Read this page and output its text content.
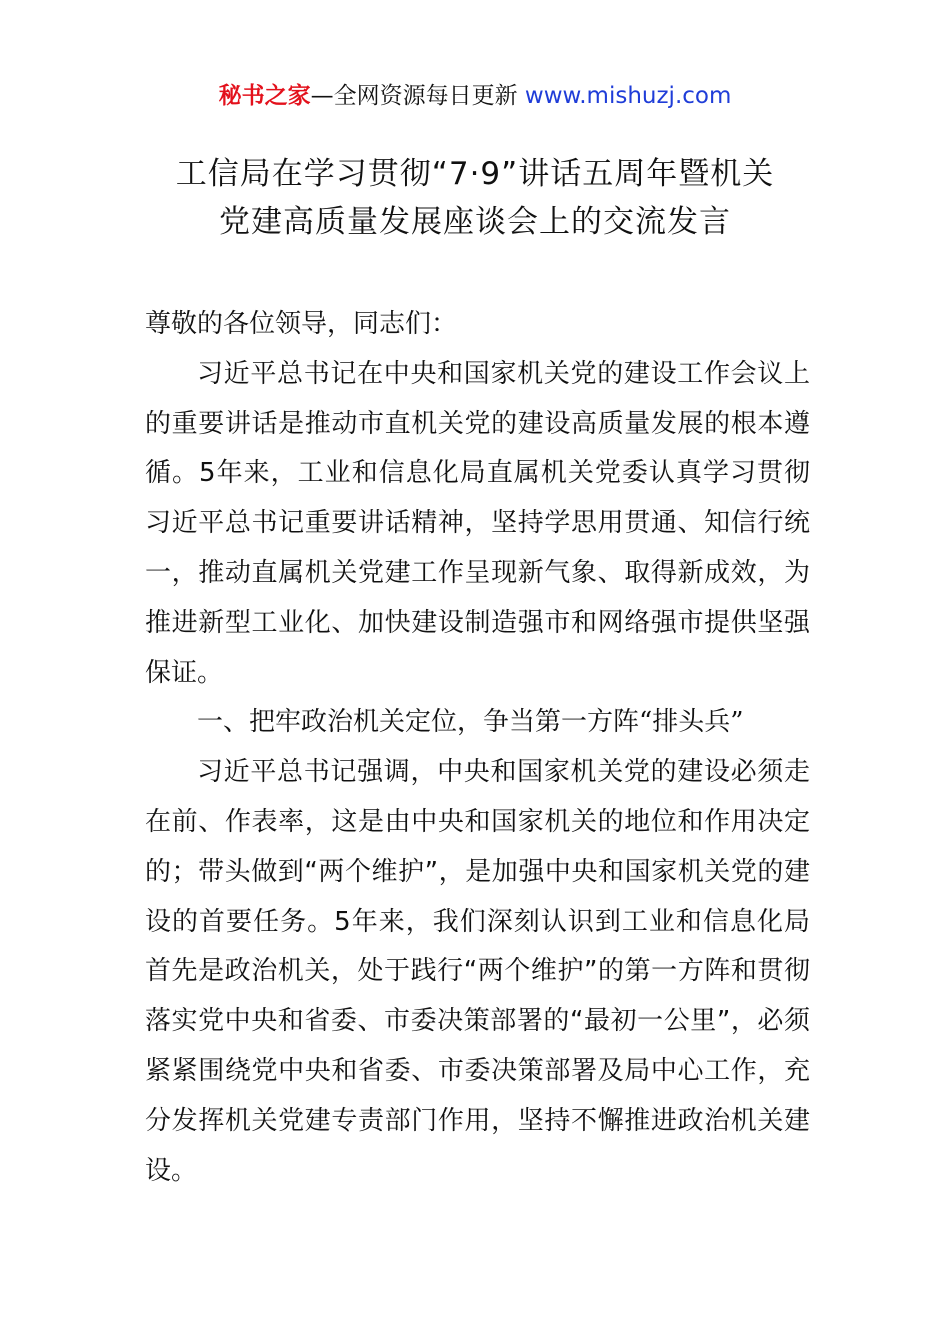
秘书之家—全网资源每日更新 www.mishuzj.com
工信局在学习贯彻“7·9”讲话五周年暨机关
党建高质量发展座谈会上的交流发言

尊敬的各位领导，同志们：

习近平总书记在中央和国家机关党的建设工作会议上的重要讲话是推动市直机关党的建设高质量发展的根本遵循。5年来，工业和信息化局直属机关党委认真学习贯彻习近平总书记重要讲话精神，坚持学思用贯通、知信行统一，推动直属机关党建工作呈现新气象、取得新成效，为推进新型工业化、加快建设制造强市和网络强市提供坚强保证。

一、把牢政治机关定位，争当第一方阵“排头兵”

习近平总书记强调，中央和国家机关党的建设必须走在前、作表率，这是由中央和国家机关的地位和作用决定的；带头做到“两个维护”，是加强中央和国家机关党的建设的首要任务。5年来，我们深刻认识到工业和信息化局首先是政治机关，处于践行“两个维护”的第一方阵和贯彻落实党中央和省委、市委决策部署的“最初一公里”，必须紧紧围绕党中央和省委、市委决策部署及局中心工作，充分发挥机关党建专责部门作用，坚持不懈推进政治机关建设。
